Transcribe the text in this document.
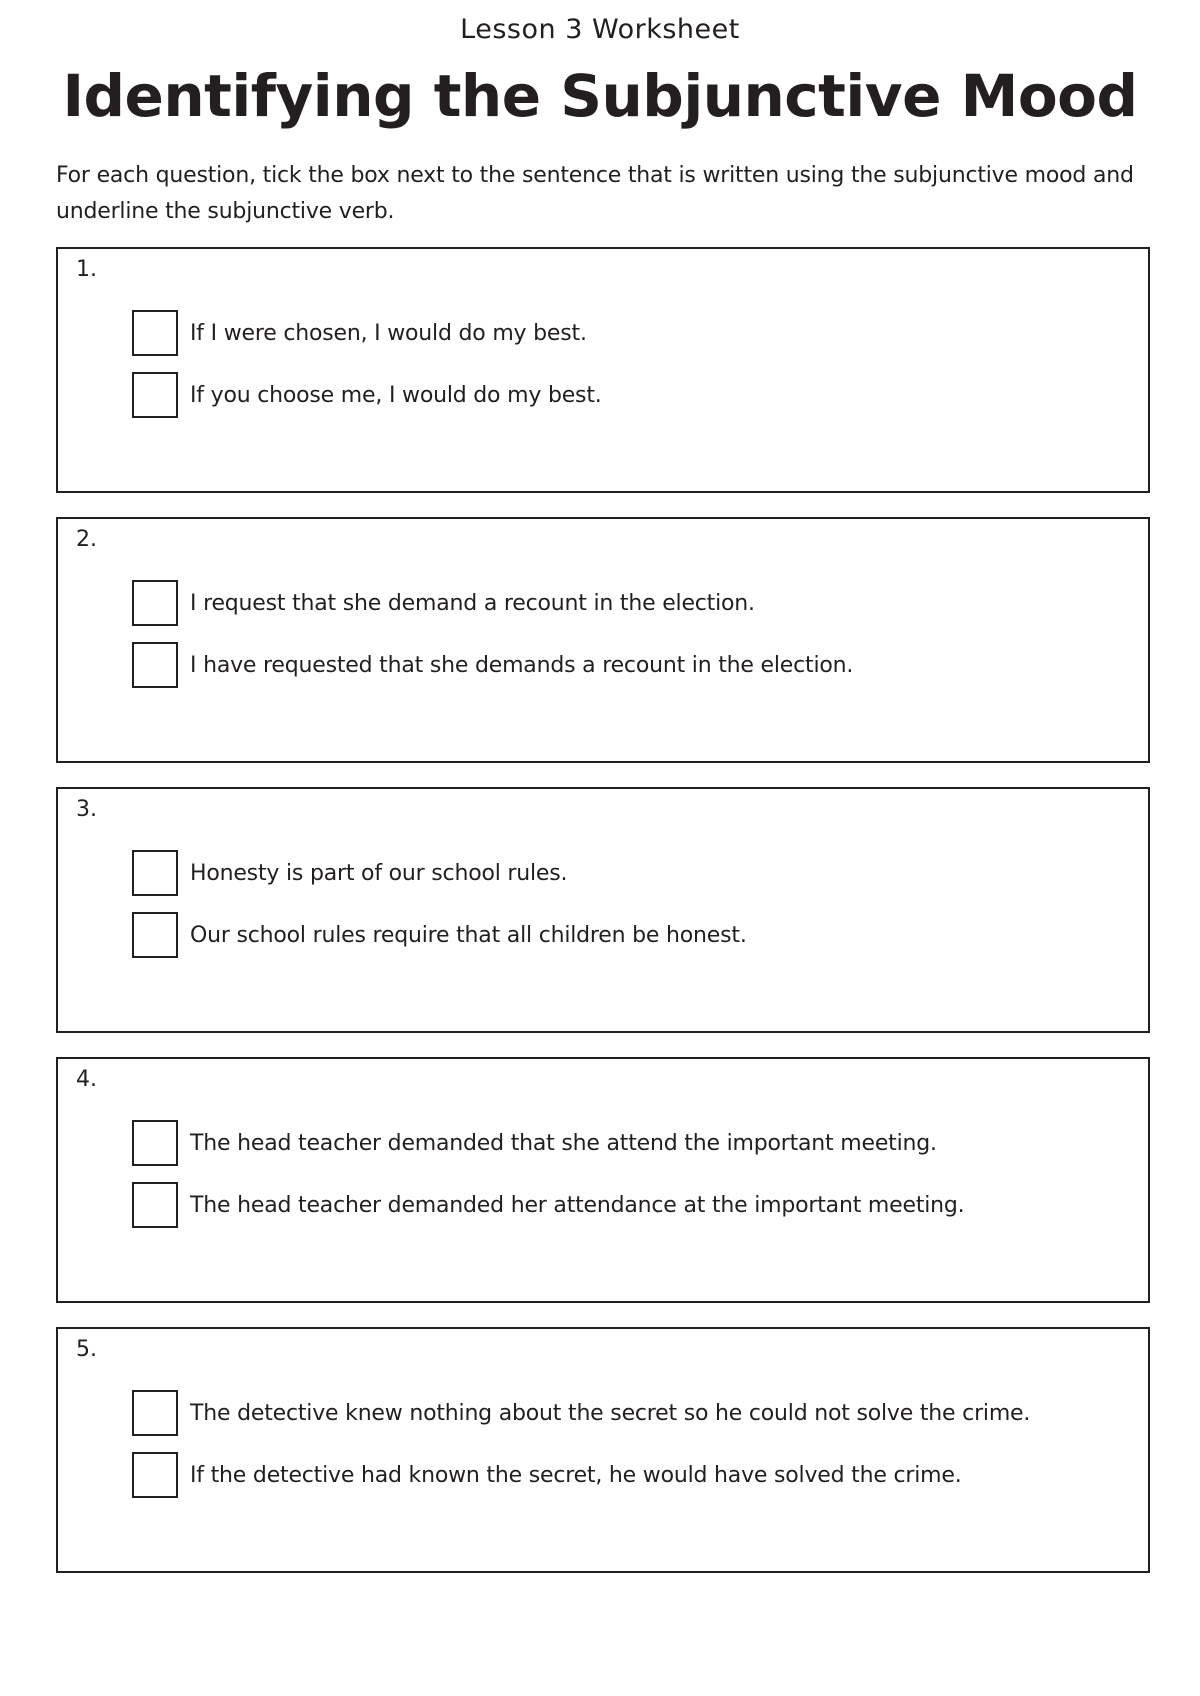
Lesson 3 Worksheet
Identifying the Subjunctive Mood

For each question, tick the box next to the sentence that is written using the subjunctive mood and underline the subjunctive verb.

1.
If I were chosen, I would do my best.
If you choose me, I would do my best.
2.
I request that she demand a recount in the election.
I have requested that she demands a recount in the election.
3.
Honesty is part of our school rules.
Our school rules require that all children be honest.
4.
The head teacher demanded that she attend the important meeting.
The head teacher demanded her attendance at the important meeting.
5.
The detective knew nothing about the secret so he could not solve the crime.
If the detective had known the secret, he would have solved the crime.
